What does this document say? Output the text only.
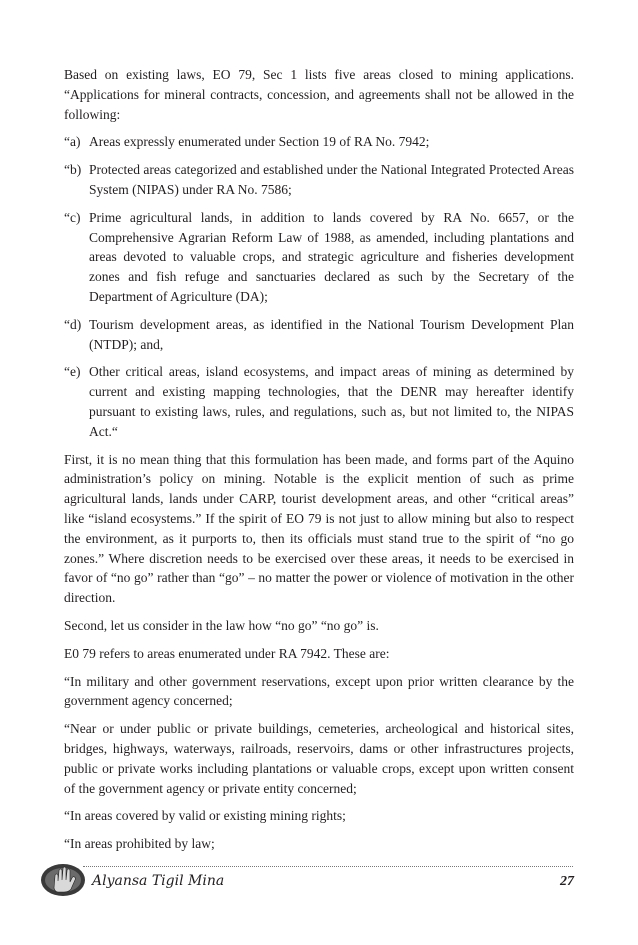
Based on existing laws, EO 79, Sec 1 lists five areas closed to mining applications. “Applications for mineral contracts, concession, and agreements shall not be allowed in the following:

“a) Areas expressly enumerated under Section 19 of RA No. 7942;
“b) Protected areas categorized and established under the National Integrated Protected Areas System (NIPAS) under RA No. 7586;
“c) Prime agricultural lands, in addition to lands covered by RA No. 6657, or the Comprehensive Agrarian Reform Law of 1988, as amended, including plantations and areas devoted to valuable crops, and strategic agriculture and fisheries development zones and fish refuge and sanctuaries declared as such by the Secretary of the Department of Agriculture (DA);
“d) Tourism development areas, as identified in the National Tourism Development Plan (NTDP); and,
“e) Other critical areas, island ecosystems, and impact areas of mining as determined by current and existing mapping technologies, that the DENR may hereafter identify pursuant to existing laws, rules, and regulations, such as, but not limited to, the NIPAS Act.“

First, it is no mean thing that this formulation has been made, and forms part of the Aquino administration’s policy on mining. Notable is the explicit mention of such as prime agricultural lands, lands under CARP, tourist development areas, and other “critical areas” like “island ecosystems.” If the spirit of EO 79 is not just to allow mining but also to respect the environment, as it purports to, then its officials must stand true to the spirit of “no go zones.” Where discretion needs to be exercised over these areas, it needs to be exercised in favor of “no go” rather than “go” – no matter the power or violence of motivation in the other direction.

Second, let us consider in the law how “no go” “no go” is.

E0 79 refers to areas enumerated under RA 7942. These are:

“In military and other government reservations, except upon prior written clearance by the government agency concerned;

“Near or under public or private buildings, cemeteries, archeological and historical sites, bridges, highways, waterways, railroads, reservoirs, dams or other infrastructures projects, public or private works including plantations or valuable crops, except upon written consent of the government agency or private entity concerned;

“In areas covered by valid or existing mining rights;

“In areas prohibited by law;

Alyansa Tigil Mina	27
